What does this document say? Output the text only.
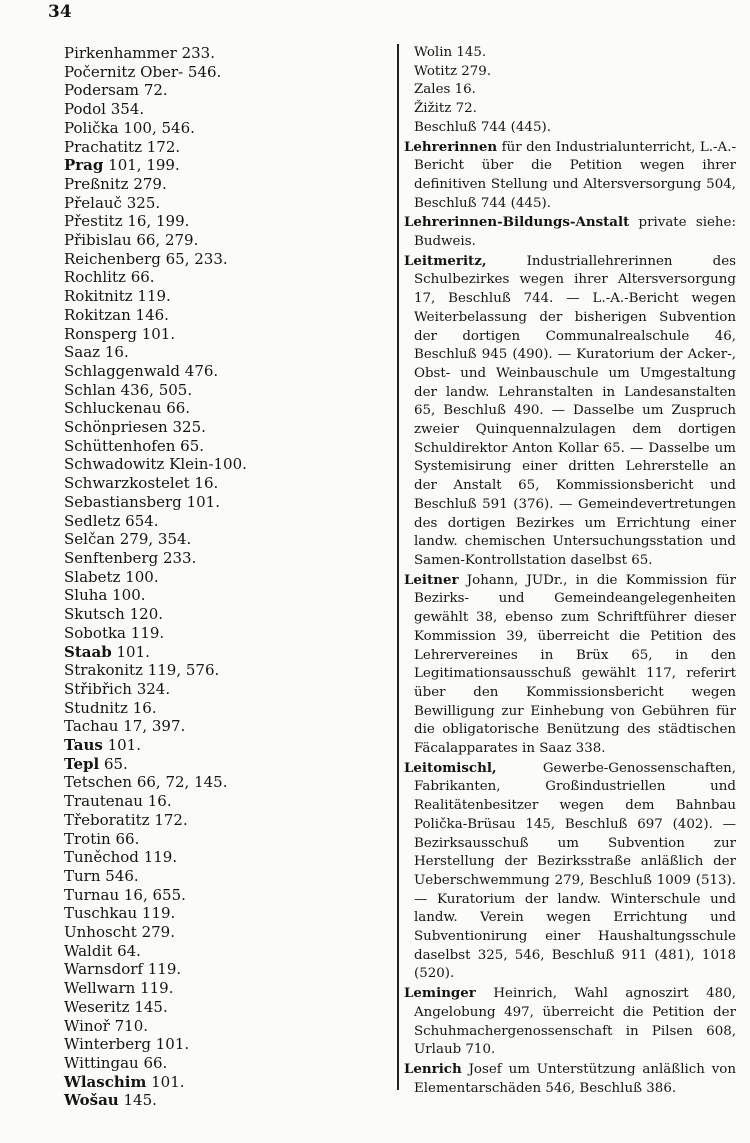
34
Pirkenhammer 233.
Počernitz Ober- 546.
Podersam 72.
Podol 354.
Polička 100, 546.
Prachatitz 172.
Prag 101, 199.
Preßnitz 279.
Přelauč 325.
Přestitz 16, 199.
Přibislau 66, 279.
Reichenberg 65, 233.
Rochlitz 66.
Rokitnitz 119.
Rokitzan 146.
Ronsperg 101.
Saaz 16.
Schlaggenwald 476.
Schlan 436, 505.
Schluckenau 66.
Schönpriesen 325.
Schüttenhofen 65.
Schwadowitz Klein-100.
Schwarzkostelet 16.
Sebastiansberg 101.
Sedletz 654.
Selčan 279, 354.
Senftenberg 233.
Slabetz 100.
Sluha 100.
Skutsch 120.
Sobotka 119.
Staab 101.
Strakonitz 119, 576.
Střibřich 324.
Studnitz 16.
Tachau 17, 397.
Taus 101.
Tepl 65.
Tetschen 66, 72, 145.
Trautenau 16.
Třeboratitz 172.
Trotin 66.
Tuněchod 119.
Turn 546.
Turnau 16, 655.
Tuschkau 119.
Unhoscht 279.
Waldit 64.
Warnsdorf 119.
Wellwarn 119.
Weseritz 145.
Winoř 710.
Winterberg 101.
Wittingau 66.
Wlaschim 101.
Wošau 145.

Wolin 145.

Wotitz 279.

Zales 16.

Žižitz 72.

Beschluß 744 (445).

Lehrerinnen für den Industrialunterricht, L.-A.-Bericht über die Petition wegen ihrer definitiven Stellung und Altersversorgung 504, Beschluß 744 (445).

Lehrerinnen-Bildungs-Anstalt private siehe: Budweis.

Leitmeritz,	Industriallehrerinnen des Schulbezirkes wegen ihrer Altersversorgung 17, Beschluß 744. — L.-A.-Bericht wegen Weiterbelassung der bisherigen Subvention der dortigen Communalrealschule 46, Beschluß 945 (490). — Kuratorium der Acker-, Obst- und Weinbauschule um Umgestaltung der landw. Lehranstalten in Landesanstalten 65, Beschluß 490. — Dasselbe um Zuspruch zweier Quinquennalzulagen dem dortigen Schuldirektor Anton Kollar 65. — Dasselbe um Systemisirung einer dritten Lehrerstelle an der Anstalt 65, Kommissionsbericht und Beschluß 591 (376). — Gemeindevertretungen des dortigen Bezirkes um Errichtung einer landw. chemischen Untersuchungsstation und Samen-Kontrollstation daselbst 65.

Leitner Johann, JUDr., in die Kommission für Bezirks- und Gemeindeangelegenheiten gewählt 38, ebenso zum Schriftführer dieser Kommission 39, überreicht die Petition des Lehrervereines in Brüx 65, in den Legitimationsausschuß gewählt 117, referirt über den Kommissionsbericht wegen Bewilligung zur Einhebung von Gebühren für die obligatorische Benützung des städtischen Fäcalapparates in Saaz 338.

Leitomischl,	Gewerbe-Genossenschaften, Fabrikanten, Großindustriellen und Realitätenbesitzer wegen dem Bahnbau Polička-Brüsau 145, Beschluß 697 (402). — Bezirksausschuß um Subvention zur Herstellung der Bezirksstraße anläßlich der Ueberschwemmung 279, Beschluß 1009 (513). — Kuratorium der landw. Winterschule und landw. Verein wegen Errichtung und Subventionirung einer Haushaltungsschule daselbst 325, 546, Beschluß 911 (481), 1018 (520).

Leminger Heinrich, Wahl agnoszirt 480, Angelobung 497, überreicht die Petition der Schuhmachergenossenschaft in Pilsen 608, Urlaub 710.

Lenrich Josef um Unterstützung anläßlich von Elementarschäden 546, Beschluß 386.
